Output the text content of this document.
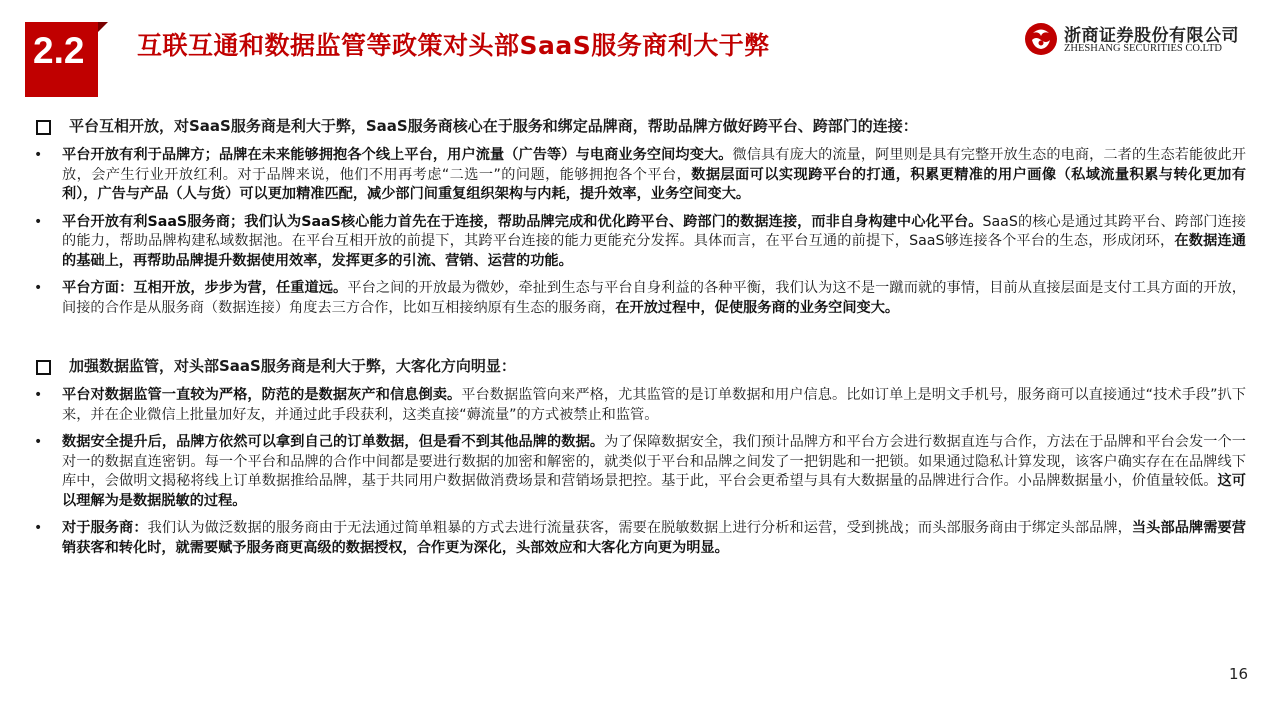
2.2	互联互通和数据监管等政策对头部SaaS服务商利大于弊	浙商证券股份有限公司
ZHESHANG SECURITIES CO.LTD
平台互相开放，对SaaS服务商是利大于弊，SaaS服务商核心在于服务和绑定品牌商，帮助品牌方做好跨平台、跨部门的连接：
•	平台开放有利于品牌方；品牌在未来能够拥抱各个线上平台，用户流量（广告等）与电商业务空间均变大。微信具有庞大的流量，阿里则是具有完整开放生态的电商，二者的生态若能彼此开放，会产生行业开放红利。对于品牌来说，他们不用再考虑“二选一”的问题，能够拥抱各个平台，数据层面可以实现跨平台的打通，积累更精准的用户画像（私域流量积累与转化更加有利），广告与产品（人与货）可以更加精准匹配，减少部门间重复组织架构与内耗，提升效率，业务空间变大。
•	平台开放有利SaaS服务商；我们认为SaaS核心能力首先在于连接，帮助品牌完成和优化跨平台、跨部门的数据连接，而非自身构建中心化平台。SaaS的核心是通过其跨平台、跨部门连接的能力，帮助品牌构建私域数据池。在平台互相开放的前提下，其跨平台连接的能力更能充分发挥。具体而言，在平台互通的前提下，SaaS够连接各个平台的生态，形成闭环，在数据连通的基础上，再帮助品牌提升数据使用效率，发挥更多的引流、营销、运营的功能。
•	平台方面：互相开放，步步为营，任重道远。平台之间的开放最为微妙，牵扯到生态与平台自身利益的各种平衡，我们认为这不是一蹴而就的事情，目前从直接层面是支付工具方面的开放，间接的合作是从服务商（数据连接）角度去三方合作，比如互相接纳原有生态的服务商，在开放过程中，促使服务商的业务空间变大。
加强数据监管，对头部SaaS服务商是利大于弊，大客化方向明显：
•	平台对数据监管一直较为严格，防范的是数据灰产和信息倒卖。平台数据监管向来严格，尤其监管的是订单数据和用户信息。比如订单上是明文手机号，服务商可以直接通过“技术手段”扒下来，并在企业微信上批量加好友，并通过此手段获利，这类直接“薅流量”的方式被禁止和监管。
•	数据安全提升后，品牌方依然可以拿到自己的订单数据，但是看不到其他品牌的数据。为了保障数据安全，我们预计品牌方和平台方会进行数据直连与合作，方法在于品牌和平台会发一个一对一的数据直连密钥。每一个平台和品牌的合作中间都是要进行数据的加密和解密的，就类似于平台和品牌之间发了一把钥匙和一把锁。如果通过隐私计算发现，该客户确实存在在品牌线下库中，会做明文揭秘将线上订单数据推给品牌，基于共同用户数据做消费场景和营销场景把控。基于此，平台会更希望与具有大数据量的品牌进行合作。小品牌数据量小，价值量较低。这可以理解为是数据脱敏的过程。
•	对于服务商：我们认为做泛数据的服务商由于无法通过简单粗暴的方式去进行流量获客，需要在脱敏数据上进行分析和运营，受到挑战；而头部服务商由于绑定头部品牌，当头部品牌需要营销获客和转化时，就需要赋予服务商更高级的数据授权，合作更为深化，头部效应和大客化方向更为明显。
16
